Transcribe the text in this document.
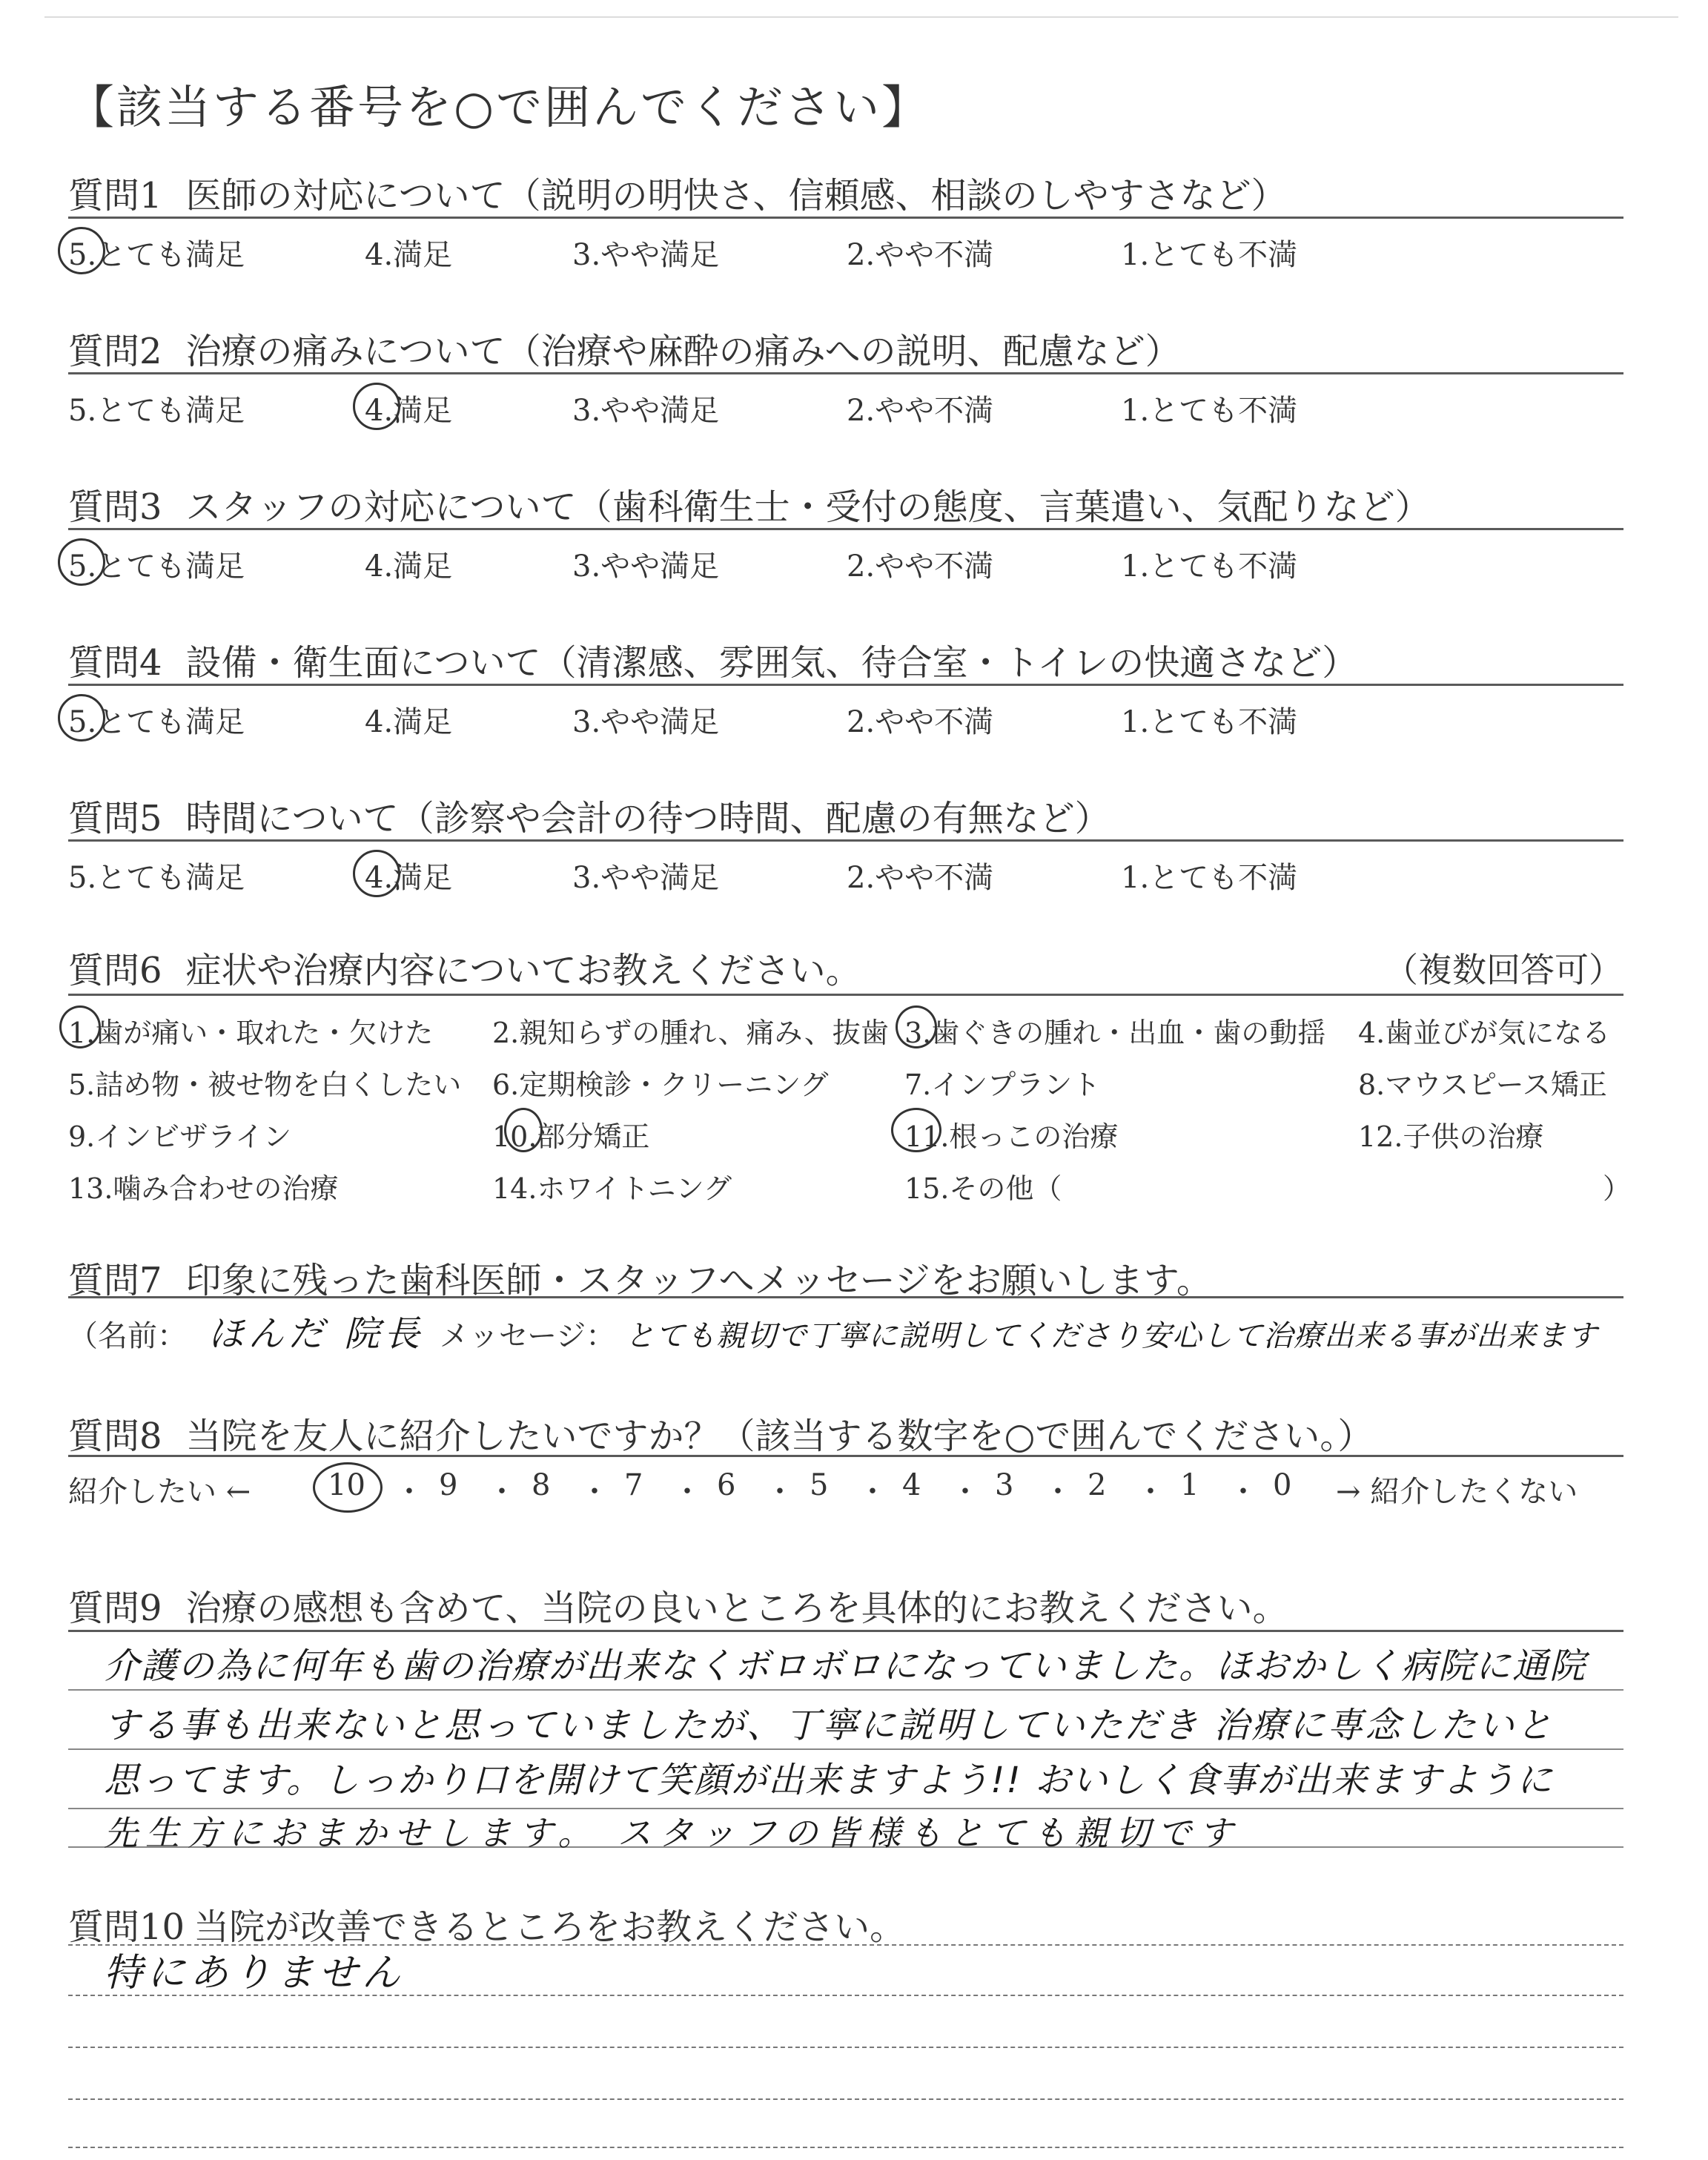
【該当する番号を○で囲んでください】
質問1 医師の対応について（説明の明快さ、信頼感、相談のしやすさなど）
5.とても満足	4.満足	3.やや満足	2.やや不満	1.とても不満
質問2 治療の痛みについて（治療や麻酔の痛みへの説明、配慮など）
5.とても満足	4.満足	3.やや満足	2.やや不満	1.とても不満
質問3 スタッフの対応について（歯科衛生士・受付の態度、言葉遣い、気配りなど）
5.とても満足	4.満足	3.やや満足	2.やや不満	1.とても不満
質問4 設備・衛生面について（清潔感、雰囲気、待合室・トイレの快適さなど）
5.とても満足	4.満足	3.やや満足	2.やや不満	1.とても不満
質問5 時間について（診察や会計の待つ時間、配慮の有無など）
5.とても満足	4.満足	3.やや満足	2.やや不満	1.とても不満
質問6 症状や治療内容についてお教えください。	（複数回答可）
1.歯が痛い・取れた・欠けた 2.親知らずの腫れ、痛み、抜歯 3.歯ぐきの腫れ・出血・歯の動揺 4.歯並びが気になる
5.詰め物・被せ物を白くしたい 6.定期検診・クリーニング	7.インプラント	8.マウスピース矯正
9.インビザライン	10.部分矯正	11.根っこの治療	12.子供の治療
13.噛み合わせの治療	14.ホワイトニング	15.その他（	）
質問7 印象に残った歯科医師・スタッフへメッセージをお願いします。
（名前： ほんだ 院長 メッセージ： とても親切で丁寧に説明してくださり安心して治療出来る事が出来ます
質問8 当院を友人に紹介したいですか？（該当する数字を○で囲んでください。）
紹介したい ←	10 ・ 9 ・ 8 ・ 7 ・ 6 ・ 5 ・ 4 ・ 3 ・ 2 ・ 1 ・ 0 → 紹介したくない
質問9 治療の感想も含めて、当院の良いところを具体的にお教えください。
介護の為に何年も歯の治療が出来なくボロボロになっていました。ほおかしく病院に通院
する事も出来ないと思っていましたが、丁寧に説明していただき 治療に専念したいと
思ってます。しっかり口を開けて笑顔が出来ますよう!! おいしく食事が出来ますように
先生方におまかせします。 スタッフの皆様もとても親切です
質問10 当院が改善できるところをお教えください。
特にありません
